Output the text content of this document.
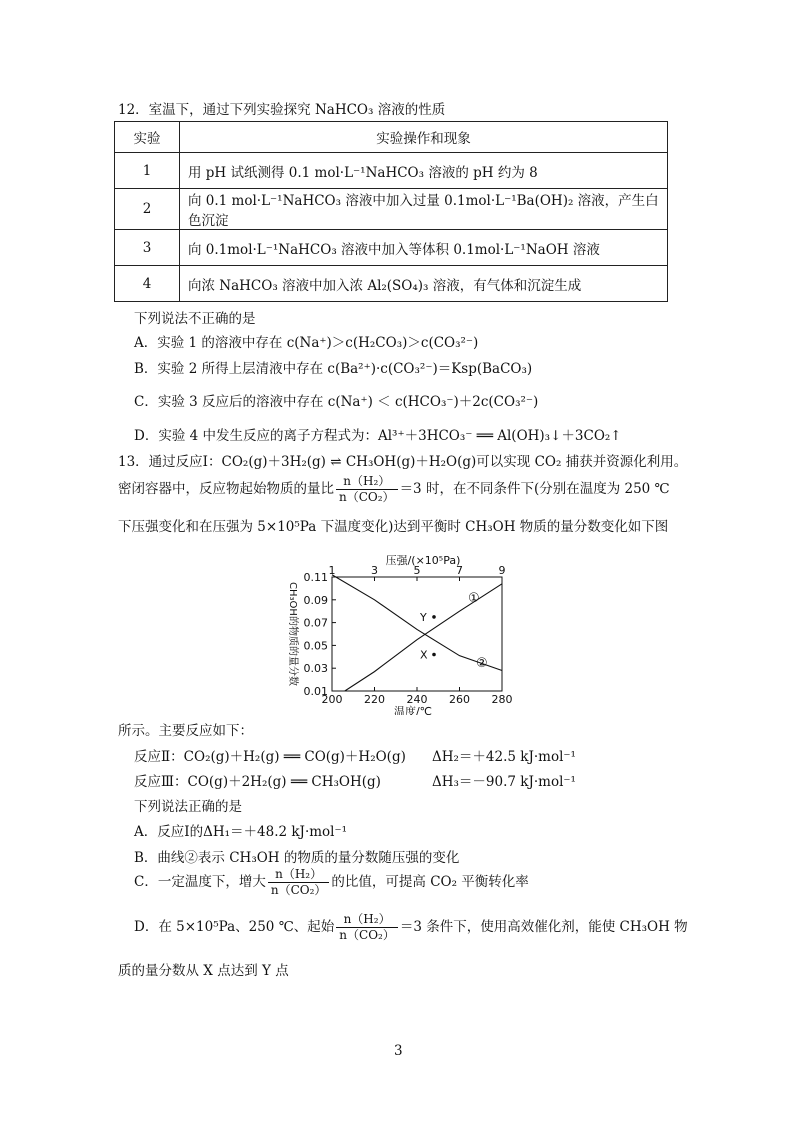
12．室温下，通过下列实验探究 NaHCO₃ 溶液的性质
实验	实验操作和现象
1	用 pH 试纸测得 0.1 mol·L⁻¹NaHCO₃ 溶液的 pH 约为 8
2	向 0.1 mol·L⁻¹NaHCO₃ 溶液中加入过量 0.1mol·L⁻¹Ba(OH)₂ 溶液，产生白色沉淀
3	向 0.1mol·L⁻¹NaHCO₃ 溶液中加入等体积 0.1mol·L⁻¹NaOH 溶液
4	向浓 NaHCO₃ 溶液中加入浓 Al₂(SO₄)₃ 溶液，有气体和沉淀生成
下列说法不正确的是
A．实验 1 的溶液中存在 c(Na⁺)＞c(H₂CO₃)＞c(CO₃²⁻)
B．实验 2 所得上层清液中存在 c(Ba²⁺)·c(CO₃²⁻)＝Ksp(BaCO₃)
C．实验 3 反应后的溶液中存在 c(Na⁺) ＜ c(HCO₃⁻)＋2c(CO₃²⁻)
D．实验 4 中发生反应的离子方程式为：Al³⁺＋3HCO₃⁻ ══ Al(OH)₃↓＋3CO₂↑
13．通过反应Ⅰ：CO₂(g)＋3H₂(g) ⇌ CH₃OH(g)＋H₂O(g)可以实现 CO₂ 捕获并资源化利用。
密闭容器中，反应物起始物质的量比 $\frac{\text{n（H₂）}}{\text{n（CO₂）}} =3$ 时，在不同条件下(分别在温度为 250 ℃
下压强变化和在压强为 5×10⁵Pa 下温度变化)达到平衡时 CH₃OH 物质的量分数变化如下图
压强/(×10⁵Pa)
1	3	5	7	9
200 220 240 260 280
温度/℃
0.11
0.09
0.07
0.05
0.03
0.01
CH₃OH的物质的量分数	①
②
Y
X
所示。主要反应如下：
反应Ⅱ：CO₂(g)＋H₂(g) ══ CO(g)＋H₂O(g) ΔH₂＝＋42.5 kJ·mol⁻¹
反应Ⅲ：CO(g)＋2H₂(g) ══ CH₃OH(g)	ΔH₃＝－90.7 kJ·mol⁻¹
下列说法正确的是
A．反应Ⅰ的ΔH₁＝＋48.2 kJ·mol⁻¹
B．曲线②表示 CH₃OH 的物质的量分数随压强的变化
C．一定温度下，增大 $\frac{\text{n（H₂）}}{\text{n（CO₂）}}$ 的比值，可提高 CO₂ 平衡转化率
D．在 5×10⁵Pa、250 ℃、起始 $\frac{\text{n（H₂）}}{\text{n（CO₂）}} =3$ 条件下，使用高效催化剂，能使 CH₃OH 物
质的量分数从 X 点达到 Y 点
3
